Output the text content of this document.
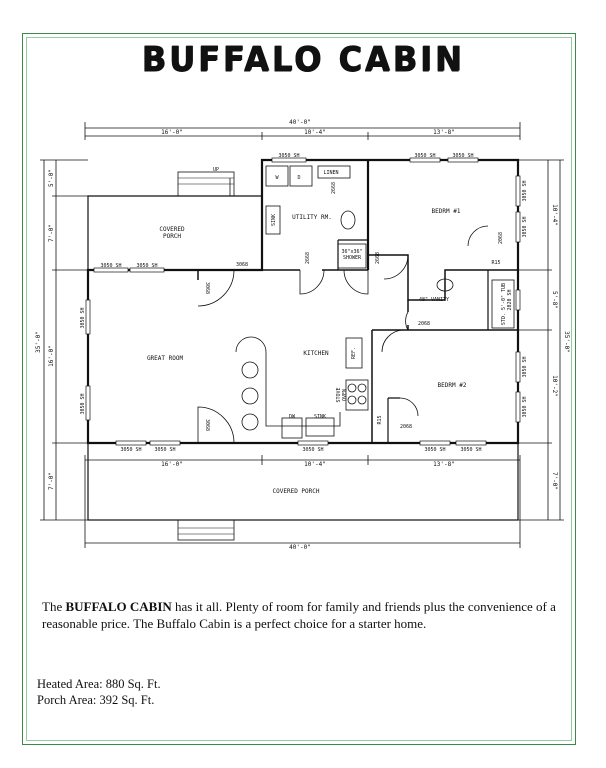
BUFFALO CABIN
40'-0"
16'-0"	10'-4"	13'-8"
16'-0"	10'-4"	13'-8"
40'-0"
5'-0"
7'-0"
16'-0"
7'-0"
35'-0"
10'-4"
5'-8"
10'-2"
7'-0"
35'-0"
COVERED PORCH
UTILITY RM.
BEDRM #1
GREAT ROOM
KITCHEN
BEDRM #2
COVERED PORCH
UP	LINEN
W	D
SINK
36"x36" SHOWER
48" VANITY	STD. 5'-0" TUB
REF.
STOVEOVEN
DW	SINK
R15
R15
3068
3068
3068
2668	2668
2668
2068
2068
2068
2020 SH
3050 SH	3050 SH	3050 SH
3050 SH	3050 SH
3050 SH
3050 SH
3050 SH	3050 SH	3050 SH	3050 SH	3050 SH
3050 SH
3050 SH
3050 SH
3050 SH
The BUFFALO CABIN has it all. Plenty of room for family and friends plus the convenience of a reasonable price. The Buffalo Cabin is a perfect choice for a starter home.
Heated Area: 880 Sq. Ft.
Porch Area: 392 Sq. Ft.
